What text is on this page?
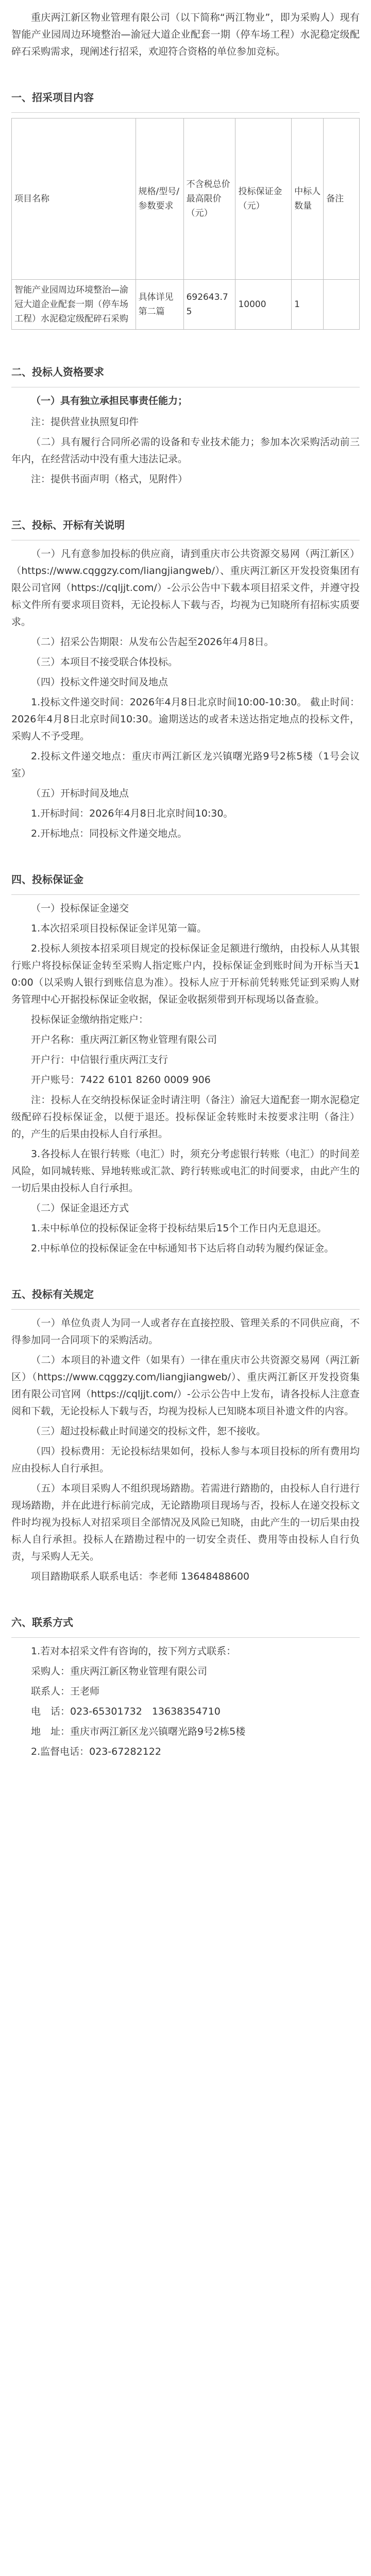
重庆两江新区物业管理有限公司（以下简称“两江物业”，即为采购人）现有智能产业园周边环境整治—渝冠大道企业配套一期（停车场工程）水泥稳定级配碎石采购需求，现阐述行招采，欢迎符合资格的单位参加竞标。

一、招采项目内容
项目名称	规格/型号/参数要求	不含税总价最高限价（元）	投标保证金（元）	中标人数量	备注
智能产业园周边环境整治—渝冠大道企业配套一期（停车场工程）水泥稳定级配碎石采购	具体详见第二篇	692643.75	10000	1	
二、投标人资格要求

（一）具有独立承担民事责任能力；

注：提供营业执照复印件

（二）具有履行合同所必需的设备和专业技术能力；参加本次采购活动前三年内，在经营活动中没有重大违法记录。

注：提供书面声明（格式，见附件）

三、投标、开标有关说明

（一）凡有意参加投标的供应商，请到重庆市公共资源交易网（两江新区）（https://www.cqggzy.com/liangjiangweb/）、重庆两江新区开发投资集团有限公司官网（https://cqljjt.com/）-公示公告中下载本项目招采文件，并遵守投标文件所有要求项目资料，无论投标人下载与否，均视为已知晓所有招标实质要求。

（二）招采公告期限：从发布公告起至2026年4月8日。

（三）本项目不接受联合体投标。

（四）投标文件递交时间及地点

1.投标文件递交时间：2026年4月8日北京时间10:00-10:30。 截止时间：2026年4月8日北京时间10:30。逾期送达的或者未送达指定地点的投标文件，采购人不予受理。

2.投标文件递交地点：重庆市两江新区龙兴镇曙光路9号2栋5楼（1号会议室）

（五）开标时间及地点

1.开标时间：2026年4月8日北京时间10:30。

2.开标地点：同投标文件递交地点。

四、投标保证金

（一）投标保证金递交

1.本次招采项目投标保证金详见第一篇。

2.投标人须按本招采项目规定的投标保证金足额进行缴纳，由投标人从其银行账户将投标保证金转至采购人指定账户内，投标保证金到账时间为开标当天10:00（以采购人银行到账信息为准）。投标人应于开标前凭转账凭证到采购人财务管理中心开据投标保证金收据，保证金收据须带到开标现场以备查验。

投标保证金缴纳指定账户：

开户名称：重庆两江新区物业管理有限公司

开户行：中信银行重庆两江支行

开户账号：7422 6101 8260 0009 906

注：投标人在交纳投标保证金时请注明（备注）渝冠大道配套一期水泥稳定级配碎石投标保证金，以便于退还。投标保证金转账时未按要求注明（备注）的，产生的后果由投标人自行承担。

3.各投标人在银行转账（电汇）时，须充分考虑银行转账（电汇）的时间差风险，如同城转账、异地转账或汇款、跨行转账或电汇的时间要求，由此产生的一切后果由投标人自行承担。

（二）保证金退还方式

1.未中标单位的投标保证金将于投标结果后15个工作日内无息退还。

2.中标单位的投标保证金在中标通知书下达后将自动转为履约保证金。

五、投标有关规定

（一）单位负责人为同一人或者存在直接控股、管理关系的不同供应商，不得参加同一合同项下的采购活动。

（二）本项目的补遗文件（如果有）一律在重庆市公共资源交易网（两江新区）（https://www.cqggzy.com/liangjiangweb/）、重庆两江新区开发投资集团有限公司官网（https://cqljjt.com/）-公示公告中上发布，请各投标人注意查阅和下载，无论投标人下载与否，均视为投标人已知晓本项目补遗文件的内容。

（三）超过投标截止时间递交的投标文件，恕不接收。

（四）投标费用：无论投标结果如何，投标人参与本项目投标的所有费用均应由投标人自行承担。

（五）本项目采购人不组织现场踏勘。若需进行踏勘的，由投标人自行进行现场踏勘，并在此进行标前完成，无论踏勘项目现场与否，投标人在递交投标文件时均视为投标人对招采项目全部情况及风险已知晓，由此产生的一切后果由投标人自行承担。投标人在踏勘过程中的一切安全责任、费用等由投标人自行负责，与采购人无关。

项目踏勘联系人联系电话：李老师 13648488600

六、联系方式

1.若对本招采文件有咨询的，按下列方式联系：

采购人：重庆两江新区物业管理有限公司

联系人：王老师

电　话：023-65301732　13638354710

地　址：重庆市两江新区龙兴镇曙光路9号2栋5楼

2.监督电话：023-67282122
